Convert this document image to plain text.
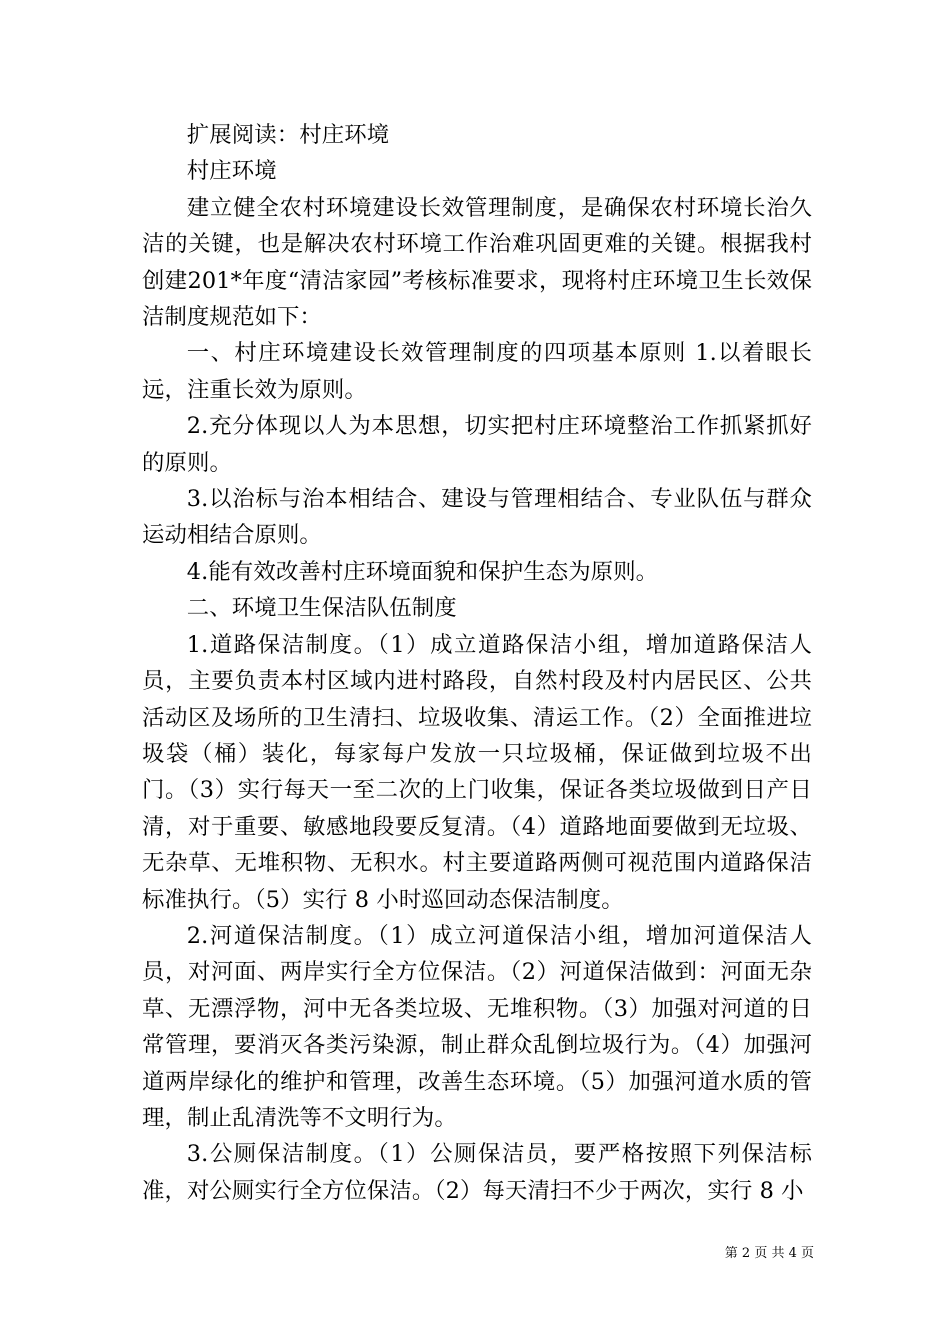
扩展阅读：村庄环境

村庄环境

建立健全农村环境建设长效管理制度，是确保农村环境长治久洁的关键，也是解决农村环境工作治难巩固更难的关键。根据我村创建201*年度“清洁家园”考核标准要求，现将村庄环境卫生长效保洁制度规范如下：

一、村庄环境建设长效管理制度的四项基本原则 1.以着眼长远，注重长效为原则。

2.充分体现以人为本思想，切实把村庄环境整治工作抓紧抓好的原则。

3.以治标与治本相结合、建设与管理相结合、专业队伍与群众运动相结合原则。

4.能有效改善村庄环境面貌和保护生态为原则。

二、环境卫生保洁队伍制度

1.道路保洁制度。（1）成立道路保洁小组，增加道路保洁人员，主要负责本村区域内进村路段，自然村段及村内居民区、公共活动区及场所的卫生清扫、垃圾收集、清运工作。（2）全面推进垃圾袋（桶）装化，每家每户发放一只垃圾桶，保证做到垃圾不出门。（3）实行每天一至二次的上门收集，保证各类垃圾做到日产日清，对于重要、敏感地段要反复清。（4）道路地面要做到无垃圾、无杂草、无堆积物、无积水。村主要道路两侧可视范围内道路保洁标准执行。（5）实行 8 小时巡回动态保洁制度。

2.河道保洁制度。（1）成立河道保洁小组，增加河道保洁人员，对河面、两岸实行全方位保洁。（2）河道保洁做到：河面无杂草、无漂浮物，河中无各类垃圾、无堆积物。（3）加强对河道的日常管理，要消灭各类污染源，制止群众乱倒垃圾行为。（4）加强河道两岸绿化的维护和管理，改善生态环境。（5）加强河道水质的管理，制止乱清洗等不文明行为。

3.公厕保洁制度。（1）公厕保洁员，要严格按照下列保洁标准，对公厕实行全方位保洁。（2）每天清扫不少于两次，实行 8 小

第 2 页 共 4 页
